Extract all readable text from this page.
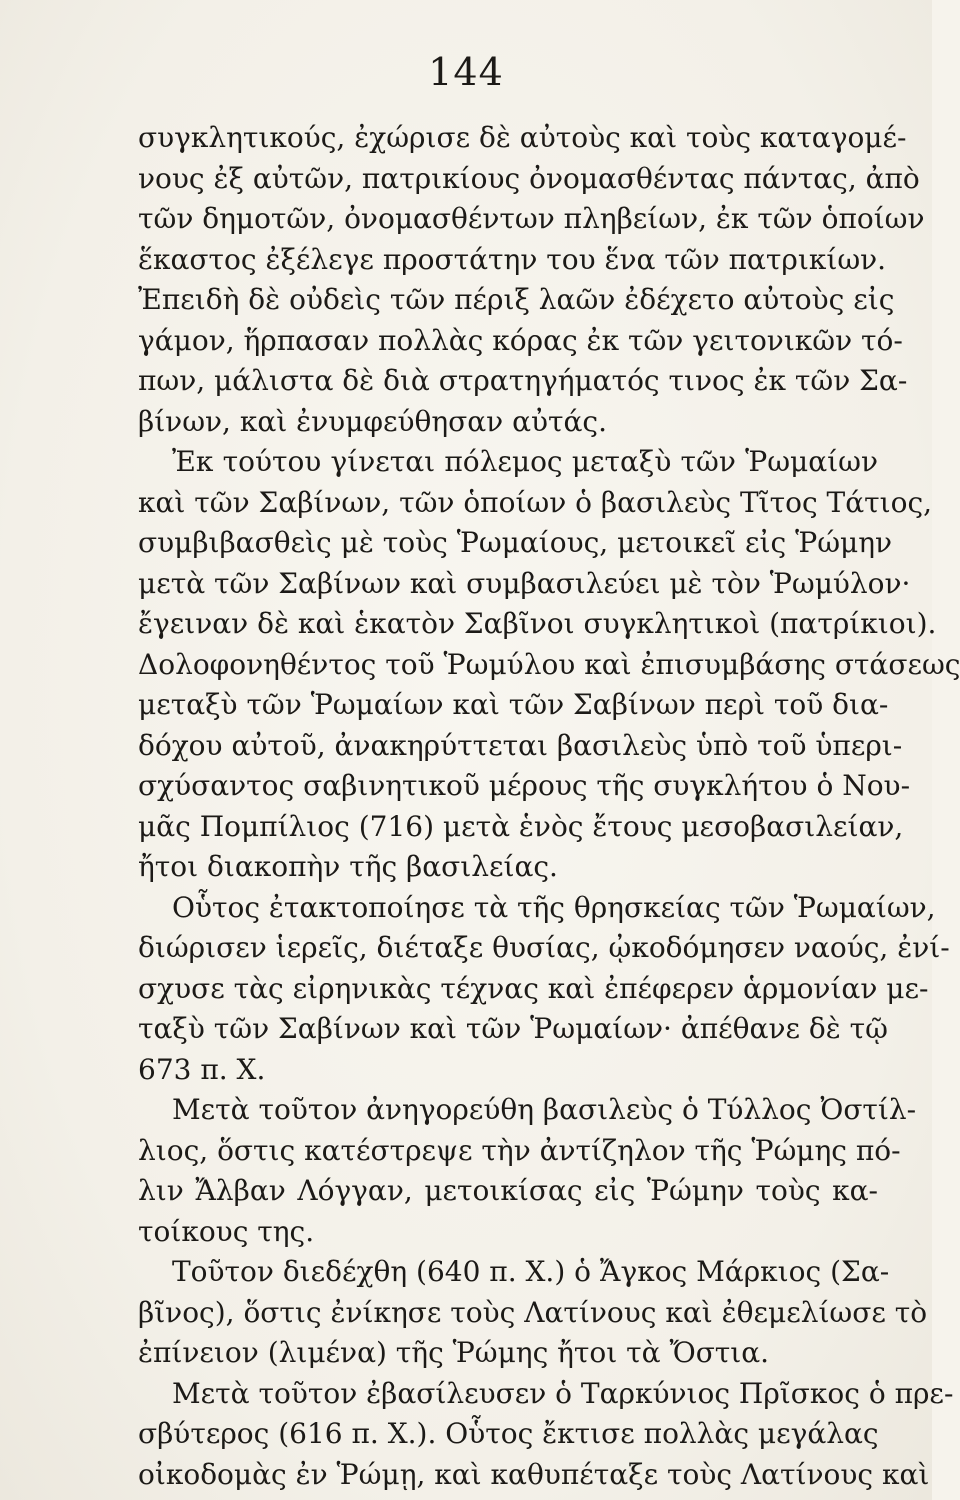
144
συγκλητικούς, ἐχώρισε δὲ αὐτοὺς καὶ τοὺς καταγομέ-
νους ἐξ αὐτῶν, πατρικίους ὀνομασθέντας πάντας, ἀπὸ
τῶν δημοτῶν, ὀνομασθέντων πληβείων, ἐκ τῶν ὁποίων
ἕκαστος ἐξέλεγε προστάτην του ἕνα τῶν πατρικίων.
Ἐπειδὴ δὲ οὐδεὶς τῶν πέριξ λαῶν ἐδέχετο αὐτοὺς εἰς
γάμον, ἥρπασαν πολλὰς κόρας ἐκ τῶν γειτονικῶν τό-
πων, μάλιστα δὲ διὰ στρατηγήματός τινος ἐκ τῶν Σα-
βίνων, καὶ ἐνυμφεύθησαν αὐτάς.
Ἐκ τούτου γίνεται πόλεμος μεταξὺ τῶν Ῥωμαίων
καὶ τῶν Σαβίνων, τῶν ὁποίων ὁ βασιλεὺς Τῖτος Τάτιος,
συμβιβασθεὶς μὲ τοὺς Ῥωμαίους, μετοικεῖ εἰς Ῥώμην
μετὰ τῶν Σαβίνων καὶ συμβασιλεύει μὲ τὸν Ῥωμύλον·
ἔγειναν δὲ καὶ ἑκατὸν Σαβῖνοι συγκλητικοὶ (πατρίκιοι).
Δολοφονηθέντος τοῦ Ῥωμύλου καὶ ἐπισυμβάσης στάσεως
μεταξὺ τῶν Ῥωμαίων καὶ τῶν Σαβίνων περὶ τοῦ δια-
δόχου αὐτοῦ, ἀνακηρύττεται βασιλεὺς ὑπὸ τοῦ ὑπερι-
σχύσαντος σαβινητικοῦ μέρους τῆς συγκλήτου ὁ Νου-
μᾶς Πομπίλιος (716) μετὰ ἑνὸς ἔτους μεσοβασιλείαν,
ἤτοι διακοπὴν τῆς βασιλείας.
Οὗτος ἐτακτοποίησε τὰ τῆς θρησκείας τῶν Ῥωμαίων,
διώρισεν ἱερεῖς, διέταξε θυσίας, ᾠκοδόμησεν ναούς, ἐνί-
σχυσε τὰς εἰρηνικὰς τέχνας καὶ ἐπέφερεν ἁρμονίαν με-
ταξὺ τῶν Σαβίνων καὶ τῶν Ῥωμαίων· ἀπέθανε δὲ τῷ
673 π. Χ.
Μετὰ τοῦτον ἀνηγορεύθη βασιλεὺς ὁ Τύλλος Ὀστίλ-
λιος, ὅστις κατέστρεψε τὴν ἀντίζηλον τῆς Ῥώμης πό-
λιν Ἄλβαν Λόγγαν, μετοικίσας εἰς Ῥώμην τοὺς κα-
τοίκους της.
Τοῦτον διεδέχθη (640 π. Χ.) ὁ Ἄγκος Μάρκιος (Σα-
βῖνος), ὅστις ἐνίκησε τοὺς Λατίνους καὶ ἐθεμελίωσε τὸ
ἐπίνειον (λιμένα) τῆς Ῥώμης ἤτοι τὰ Ὄστια.
Μετὰ τοῦτον ἐβασίλευσεν ὁ Ταρκύνιος Πρῖσκος ὁ πρε-
σβύτερος (616 π. Χ.). Οὗτος ἔκτισε πολλὰς μεγάλας
οἰκοδομὰς ἐν Ῥώμῃ, καὶ καθυπέταξε τοὺς Λατίνους καὶ
